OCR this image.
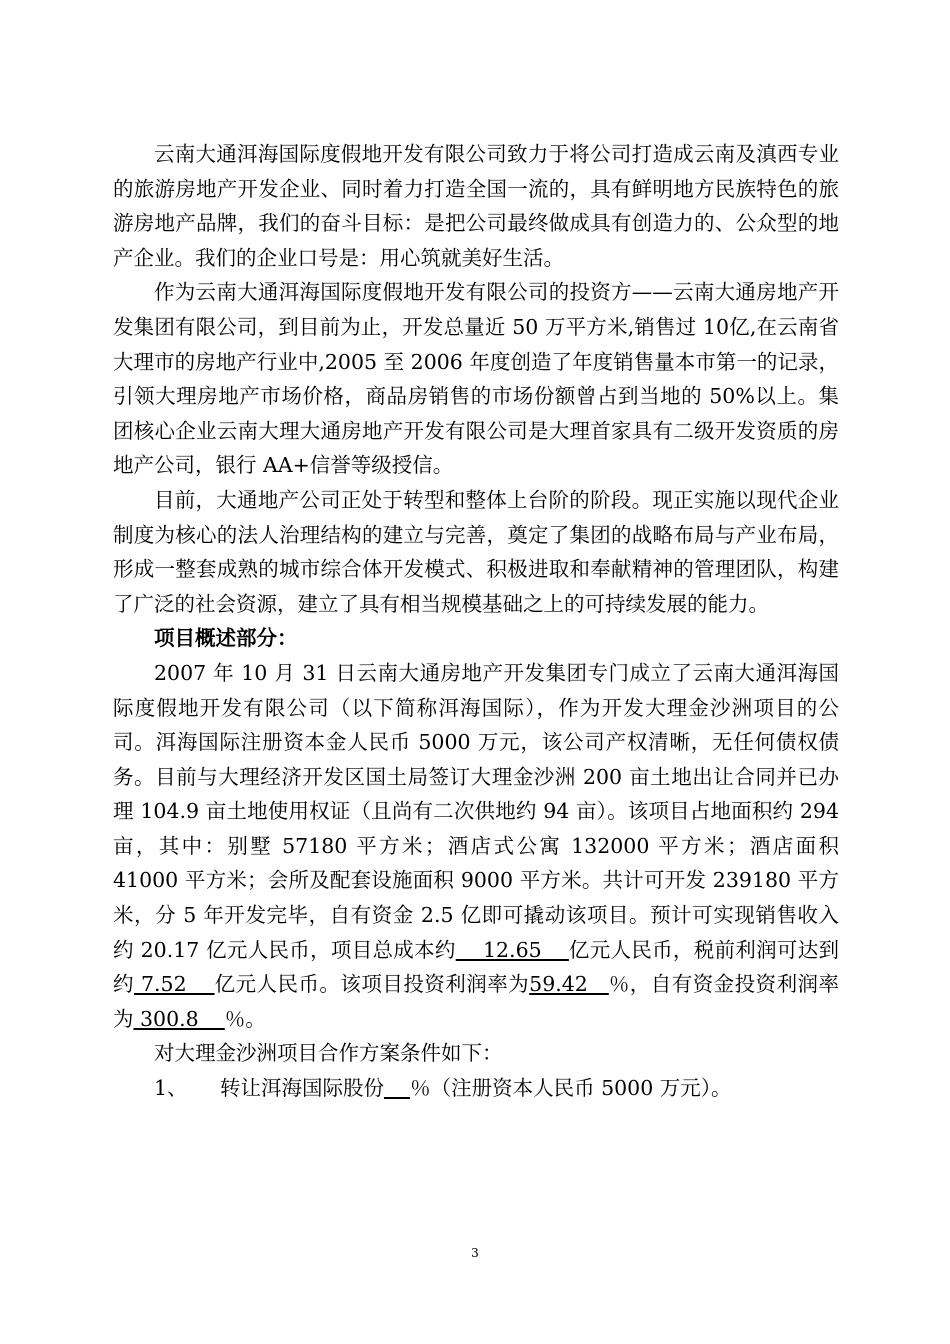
云南大通洱海国际度假地开发有限公司致力于将公司打造成云南及滇西专业的旅游房地产开发企业、同时着力打造全国一流的，具有鲜明地方民族特色的旅游房地产品牌，我们的奋斗目标：是把公司最终做成具有创造力的、公众型的地产企业。我们的企业口号是：用心筑就美好生活。

作为云南大通洱海国际度假地开发有限公司的投资方——云南大通房地产开发集团有限公司，到目前为止，开发总量近 50 万平方米,销售过 10亿,在云南省大理市的房地产行业中,2005 至 2006 年度创造了年度销售量本市第一的记录，引领大理房地产市场价格，商品房销售的市场份额曾占到当地的 50%以上。集团核心企业云南大理大通房地产开发有限公司是大理首家具有二级开发资质的房地产公司，银行 AA+信誉等级授信。

目前，大通地产公司正处于转型和整体上台阶的阶段。现正实施以现代企业制度为核心的法人治理结构的建立与完善，奠定了集团的战略布局与产业布局，形成一整套成熟的城市综合体开发模式、积极进取和奉献精神的管理团队，构建了广泛的社会资源，建立了具有相当规模基础之上的可持续发展的能力。

项目概述部分：

2007 年 10 月 31 日云南大通房地产开发集团专门成立了云南大通洱海国际度假地开发有限公司（以下简称洱海国际），作为开发大理金沙洲项目的公司。洱海国际注册资本金人民币 5000 万元，该公司产权清晰，无任何债权债务。目前与大理经济开发区国土局签订大理金沙洲 200 亩土地出让合同并已办理 104.9 亩土地使用权证（且尚有二次供地约 94 亩）。该项目占地面积约 294 亩，其中：别墅 57180 平方米；酒店式公寓 132000 平方米；酒店面积 41000 平方米；会所及配套设施面积 9000 平方米。共计可开发 239180 平方米，分 5 年开发完毕，自有资金 2.5 亿即可撬动该项目。预计可实现销售收入约 20.17 亿元人民币，项目总成本约    12.65    亿元人民币，税前利润可达到约 7.52    亿元人民币。该项目投资利润率为59.42   ％，自有资金投资利润率为 300.8    ％。

对大理金沙洲项目合作方案条件如下：

1、 转让洱海国际股份 ％（注册资本人民币 5000 万元）。
3
